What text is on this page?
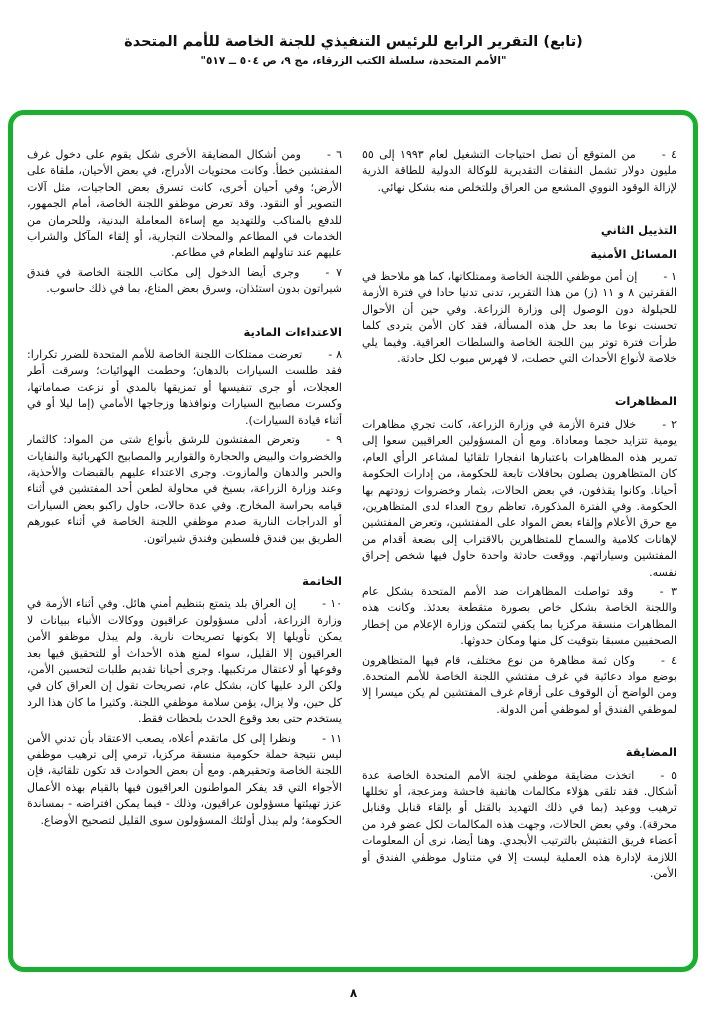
(تابع) التقرير الرابع للرئيس التنفيذي للجنة الخاصة للأمم المتحدة
"الأمم المتحدة، سلسلة الكتب الزرقاء، مج ٩، ص ٥٠٤ ــ ٥١٧"

٤ -من المتوقع أن تصل احتياجات التشغيل لعام ١٩٩٣ إلى ٥٥ مليون دولار تشمل النفقات التقديرية للوكالة الدولية للطاقة الذرية لإزالة الوقود النووي المشعع من العراق وللتخلص منه بشكل نهائي.

التذييل الثاني
المسائل الأمنية

١ -إن أمن موظفي اللجنة الخاصة وممتلكاتها، كما هو ملاحظ في الفقرتين ٨ و ١١ (ز) من هذا التقرير، تدنى تدنيا حادا في فترة الأزمة للحيلولة دون الوصول إلى وزارة الزراعة. وفي حين أن الأحوال تحسنت نوعا ما بعد حل هذه المسألة، فقد كان الأمن يتردى كلما طرأت فترة توتر بين اللجنة الخاصة والسلطات العراقية. وفيما يلي خلاصة لأنواع الأحداث التي حصلت، لا فهرس مبوب لكل حادثة.

المظاهرات

٢ -خلال فترة الأزمة في وزارة الزراعة، كانت تجري مظاهرات يومية تتزايد حجما ومعاداة. ومع أن المسؤولين العراقيين سعوا إلى تمرير هذه المظاهرات باعتبارها انفجارا تلقائيا لمشاعر الرأي العام، كان المتظاهرون يصلون بحافلات تابعة للحكومة، من إدارات الحكومة أحيانا. وكانوا يقذفون، في بعض الحالات، بثمار وخضروات زودتهم بها الحكومة. وفي الفترة المذكورة، تعاظم روح العداء لدى المتظاهرين، مع حرق الأعلام وإلقاء بعض المواد على المفتشين، وتعرض المفتشين لإهانات كلامية والسماح للمتظاهرين بالاقتراب إلى بضعة أقدام من المفتشين وسياراتهم. ووقعت حادثة واحدة حاول فيها شخص إحراق نفسه.

٣ -وقد تواصلت المظاهرات ضد الأمم المتحدة بشكل عام واللجنة الخاصة بشكل خاص بصورة متقطعة بعدئذ. وكانت هذه المظاهرات منسقة مركزيا بما يكفي لتتمكن وزارة الإعلام من إخطار الصحفيين مسبقا بتوقيت كل منها ومكان حدوثها.

٤ -وكان ثمة مظاهرة من نوع مختلف، قام فيها المتظاهرون بوضع مواد دعائية في غرف مفتشي اللجنة الخاصة للأمم المتحدة. ومن الواضح أن الوقوف على أرقام غرف المفتشين لم يكن ميسرا إلا لموظفي الفندق أو لموظفي أمن الدولة.

المضايقة

٥ -اتخذت مضايقة موظفي لجنة الأمم المتحدة الخاصة عدة أشكال. فقد تلقى هؤلاء مكالمات هاتفية فاحشة ومزعجة، أو تخللها ترهيب ووعيد (بما في ذلك التهديد بالقتل أو بإلقاء قنابل وقنابل محرقة). وفي بعض الحالات، وجهت هذه المكالمات لكل عضو فرد من أعضاء فريق التفتيش بالترتيب الأبجدي. وهنا أيضا، نرى أن المعلومات اللازمة لإدارة هذه العملية ليست إلا في متناول موظفي الفندق أو الأمن.

٦ -ومن أشكال المضايقة الأخرى شكل يقوم على دخول غرف المفتشين خطأ. وكانت محتويات الأدراج، في بعض الأحيان، ملقاة على الأرض؛ وفي أحيان أخرى، كانت تسرق بعض الحاجيات، مثل آلات التصوير أو النقود. وقد تعرض موظفو اللجنة الخاصة، أمام الجمهور، للدفع بالمناكب وللتهديد مع إساءة المعاملة البدنية، وللحرمان من الخدمات في المطاعم والمحلات التجارية، أو إلقاء المآكل والشراب عليهم عند تناولهم الطعام في مطاعم.

٧ -وجرى أيضا الدخول إلى مكاتب اللجنة الخاصة في فندق شيراتون بدون استئذان، وسرق بعض المتاع، بما في ذلك حاسوب.

الاعتداءات المادية

٨ -تعرضت ممتلكات اللجنة الخاصة للأمم المتحدة للضرر تكرارا: فقد طلست السيارات بالدهان؛ وحطمت الهوائيات؛ وسرقت أطر العجلات، أو جرى تنفيسها أو تمزيقها بالمدي أو نزعت صماماتها، وكسرت مصابيح السيارات ونوافذها وزجاجها الأمامي (إما ليلا أو في أثناء قيادة السيارات).

٩ -وتعرض المفتشون للرشق بأنواع شتى من المواد: كالثمار والخضروات والبيض والحجارة والقوارير والمصابيح الكهربائية والنفايات والحبر والدهان والمازوت. وجرى الاعتداء عليهم بالقبضات والأحذية، وعند وزارة الزراعة، بسيخ في محاولة لطعن أحد المفتشين في أثناء قيامه بحراسة المخارج. وفي عدة حالات، حاول راكبو بعض السيارات أو الدراجات النارية صدم موظفي اللجنة الخاصة في أثناء عبورهم الطريق بين فندق فلسطين وفندق شيراتون.

الخاتمة

١٠ -إن العراق بلد يتمتع بتنظيم أمني هائل. وفي أثناء الأزمة في وزارة الزراعة، أدلى مسؤولون عراقيون ووكالات الأنباء ببيانات لا يمكن تأويلها إلا بكونها تصريحات نارية. ولم يبذل موظفو الأمن العراقيون إلا القليل، سواء لمنع هذه الأحداث أو للتحقيق فيها بعد وقوعها أو لاعتقال مرتكبيها. وجرى أحيانا تقديم طلبات لتحسين الأمن، ولكن الرد عليها كان، بشكل عام، تصريحات تقول إن العراق كان في كل حين، ولا يزال، يؤمن سلامة موظفي اللجنة. وكثيرا ما كان هذا الرد يستخدم حتى بعد وقوع الحدث بلحظات فقط.

١١ -ونظرا إلى كل ماتقدم أعلاه، يصعب الاعتقاد بأن تدني الأمن ليس نتيجة حملة حكومية منسقة مركزيا، ترمي إلى ترهيب موظفي اللجنة الخاصة وتحقيرهم. ومع أن بعض الحوادث قد تكون تلقائية، فإن الأجواء التي قد يفكر المواطنون العراقيون فيها بالقيام بهذه الأعمال عزز تهيئتها مسؤولون عراقيون، وذلك - فيما يمكن افتراضه - بمساندة الحكومة؛ ولم يبذل أولئك المسؤولون سوى القليل لتصحيح الأوضاع.

٨
